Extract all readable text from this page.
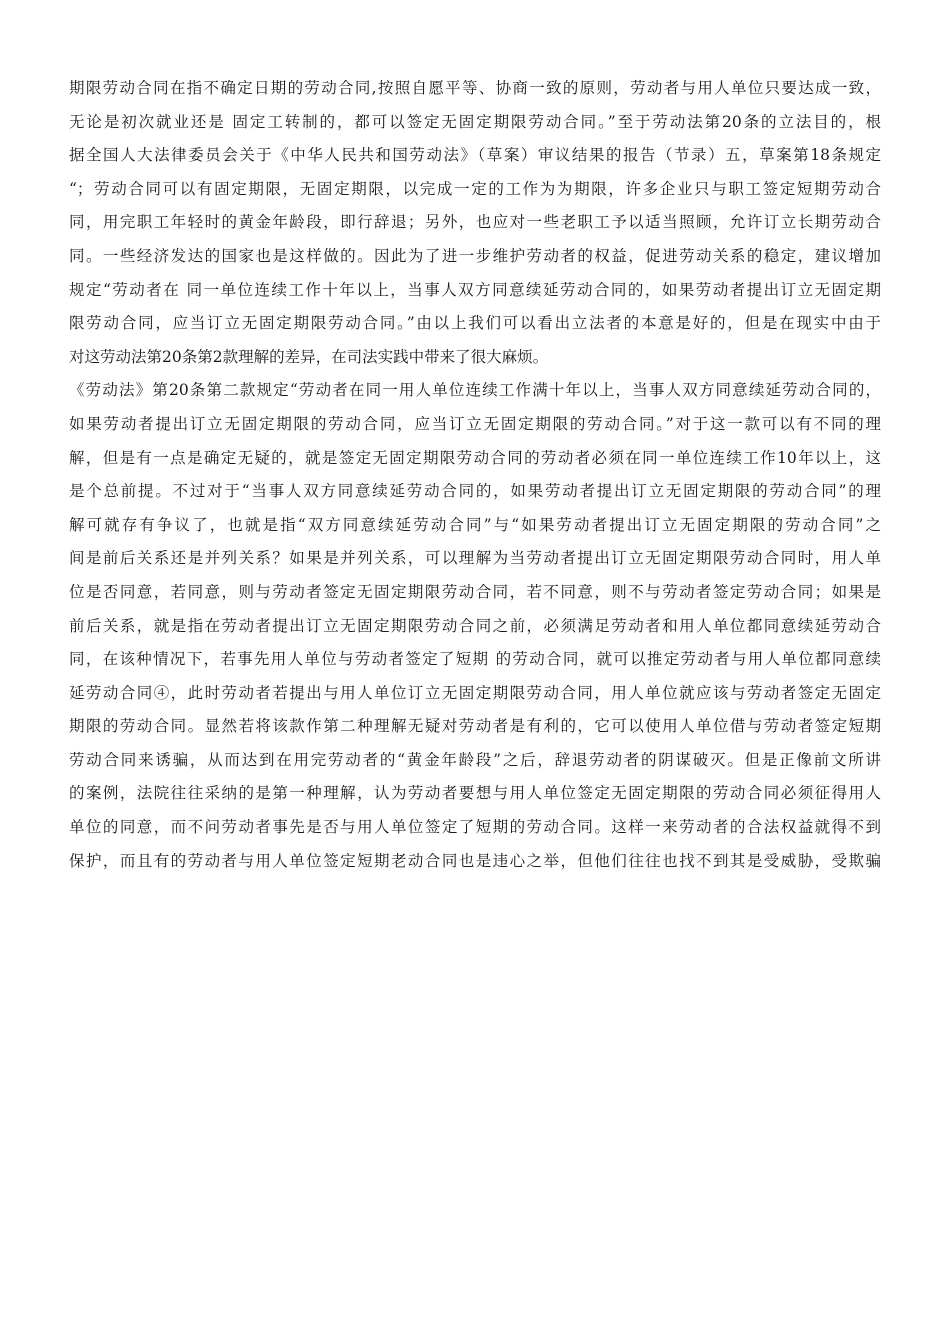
期限劳动合同在指不确定日期的劳动合同,按照自愿平等、协商一致的原则，劳动者与用人单位只要达成一致，
无论是初次就业还是 固定工转制的，都可以签定无固定期限劳动合同。”至于劳动法第20条的立法目的，根
据全国人大法律委员会关于《中华人民共和国劳动法》（草案）审议结果的报告（节录）五，草案第18条规定
“；劳动合同可以有固定期限，无固定期限，以完成一定的工作为为期限，许多企业只与职工签定短期劳动合
同，用完职工年轻时的黄金年龄段，即行辞退；另外，也应对一些老职工予以适当照顾，允许订立长期劳动合
同。一些经济发达的国家也是这样做的。因此为了进一步维护劳动者的权益，促进劳动关系的稳定，建议增加
规定“劳动者在 同一单位连续工作十年以上，当事人双方同意续延劳动合同的，如果劳动者提出订立无固定期
限劳动合同，应当订立无固定期限劳动合同。”由以上我们可以看出立法者的本意是好的，但是在现实中由于
对这劳动法第20条第2款理解的差异，在司法实践中带来了很大麻烦。
《劳动法》第20条第二款规定“劳动者在同一用人单位连续工作满十年以上，当事人双方同意续延劳动合同的，
如果劳动者提出订立无固定期限的劳动合同，应当订立无固定期限的劳动合同。”对于这一款可以有不同的理
解，但是有一点是确定无疑的，就是签定无固定期限劳动合同的劳动者必须在同一单位连续工作10年以上，这
是个总前提。不过对于“当事人双方同意续延劳动合同的，如果劳动者提出订立无固定期限的劳动合同”的理
解可就存有争议了，也就是指“双方同意续延劳动合同”与“如果劳动者提出订立无固定期限的劳动合同”之
间是前后关系还是并列关系？如果是并列关系，可以理解为当劳动者提出订立无固定期限劳动合同时，用人单
位是否同意，若同意，则与劳动者签定无固定期限劳动合同，若不同意，则不与劳动者签定劳动合同；如果是
前后关系，就是指在劳动者提出订立无固定期限劳动合同之前，必须满足劳动者和用人单位都同意续延劳动合
同，在该种情况下，若事先用人单位与劳动者签定了短期 的劳动合同，就可以推定劳动者与用人单位都同意续
延劳动合同④，此时劳动者若提出与用人单位订立无固定期限劳动合同，用人单位就应该与劳动者签定无固定
期限的劳动合同。显然若将该款作第二种理解无疑对劳动者是有利的，它可以使用人单位借与劳动者签定短期
劳动合同来诱骗，从而达到在用完劳动者的“黄金年龄段”之后，辞退劳动者的阴谋破灭。但是正像前文所讲
的案例，法院往往采纳的是第一种理解，认为劳动者要想与用人单位签定无固定期限的劳动合同必须征得用人
单位的同意，而不问劳动者事先是否与用人单位签定了短期的劳动合同。这样一来劳动者的合法权益就得不到
保护，而且有的劳动者与用人单位签定短期老动合同也是违心之举，但他们往往也找不到其是受威胁，受欺骗
